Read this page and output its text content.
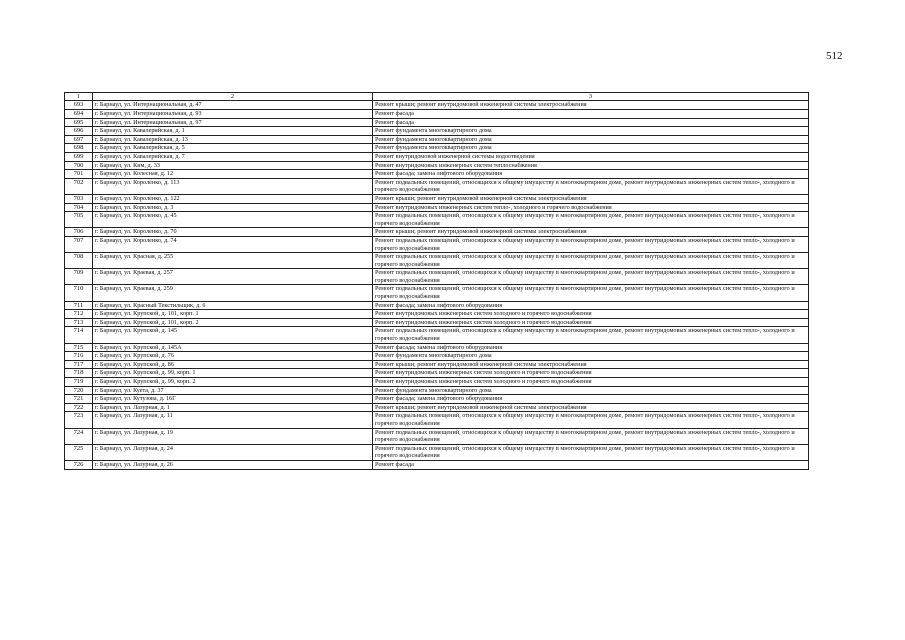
512
1	2	3
693	г. Барнаул, ул. Интернациональная, д. 47	Ремонт крыши; ремонт внутридомовой инженерной системы электроснабжения
694	г. Барнаул, ул. Интернациональная, д. 93	Ремонт фасада
695	г. Барнаул, ул. Интернациональная, д. 97	Ремонт фасада
696	г. Барнаул, ул. Кавалерийская, д. 1	Ремонт фундамента многоквартирного дома
697	г. Барнаул, ул. Кавалерийская, д. 13	Ремонт фундамента многоквартирного дома
698	г. Барнаул, ул. Кавалерийская, д. 5	Ремонт фундамента многоквартирного дома
699	г. Барнаул, ул. Кавалерийская, д. 7	Ремонт внутридомовой инженерной системы водоотведения
700	г. Барнаул, ул. Ким, д. 33	Ремонт внутридомовых инженерных систем теплоснабжения
701	г. Барнаул, ул. Колесная, д. 12	Ремонт фасада; замена лифтового оборудования
702	г. Барнаул, ул. Короленко, д. 113	Ремонт подвальных помещений, относящихся к общему имуществу в многоквартирном доме, ремонт внутридомовых инженерных систем тепло-, холодного и горячего водоснабжения
703	г. Барнаул, ул. Короленко, д. 122	Ремонт крыши; ремонт внутридомовой инженерной системы электроснабжения
704	г. Барнаул, ул. Короленко, д. 3	Ремонт внутридомовых инженерных систем тепло-, холодного и горячего водоснабжения
705	г. Барнаул, ул. Короленко, д. 45	Ремонт подвальных помещений, относящихся к общему имуществу в многоквартирном доме, ремонт внутридомовых инженерных систем тепло-, холодного и горячего водоснабжения
706	г. Барнаул, ул. Короленко, д. 70	Ремонт крыши; ремонт внутридомовой инженерной системы электроснабжения
707	г. Барнаул, ул. Короленко, д. 74	Ремонт подвальных помещений, относящихся к общему имуществу в многоквартирном доме, ремонт внутридомовых инженерных систем тепло-, холодного и горячего водоснабжения
708	г. Барнаул, ул. Красная, д. 255	Ремонт подвальных помещений, относящихся к общему имуществу в многоквартирном доме, ремонт внутридомовых инженерных систем тепло-, холодного и горячего водоснабжения
709	г. Барнаул, ул. Краевая, д. 257	Ремонт подвальных помещений, относящихся к общему имуществу в многоквартирном доме, ремонт внутридомовых инженерных систем тепло-, холодного и горячего водоснабжения
710	г. Барнаул, ул. Краевая, д. 259	Ремонт подвальных помещений, относящихся к общему имуществу в многоквартирном доме, ремонт внутридомовых инженерных систем тепло-, холодного и горячего водоснабжения
711	г. Барнаул, ул. Красный Текстильщик, д. 6	Ремонт фасада; замена лифтового оборудования
712	г. Барнаул, ул. Крупской, д. 101, корп. 1	Ремонт внутридомовых инженерных систем холодного и горячего водоснабжения
713	г. Барнаул, ул. Крупской, д. 101, корп. 2	Ремонт внутридомовых инженерных систем холодного и горячего водоснабжения
714	г. Барнаул, ул. Крупской, д. 145	Ремонт подвальных помещений, относящихся к общему имуществу в многоквартирном доме, ремонт внутридомовых инженерных систем тепло-, холодного и горячего водоснабжения
715	г. Барнаул, ул. Крупской, д. 145А	Ремонт фасада; замена лифтового оборудования
716	г. Барнаул, ул. Крупской, д. 76	Ремонт фундамента многоквартирного дома
717	г. Барнаул, ул. Крупской, д. 86	Ремонт крыши; ремонт внутридомовой инженерной системы электроснабжения
718	г. Барнаул, ул. Крупской, д. 99, корп. 1	Ремонт внутридомовых инженерных систем холодного и горячего водоснабжения
719	г. Барнаул, ул. Крупской, д. 99, корп. 2	Ремонт внутридомовых инженерных систем холодного и горячего водоснабжения
720	г. Барнаул, ул. Куета, д. 37	Ремонт фундамента многоквартирного дома
721	г. Барнаул, ул. Кутузова, д. 16Г	Ремонт фасада; замена лифтового оборудования
722	г. Барнаул, ул. Лазурная, д. 1	Ремонт крыши; ремонт внутридомовой инженерной системы электроснабжения
723	г. Барнаул, ул. Лазурная, д. 11	Ремонт подвальных помещений, относящихся к общему имуществу в многоквартирном доме, ремонт внутридомовых инженерных систем тепло-, холодного и горячего водоснабжения
724	г. Барнаул, ул. Лазурная, д. 19	Ремонт подвальных помещений, относящихся к общему имуществу в многоквартирном доме, ремонт внутридомовых инженерных систем тепло-, холодного и горячего водоснабжения
725	г. Барнаул, ул. Лазурная, д. 24	Ремонт подвальных помещений, относящихся к общему имуществу в многоквартирном доме, ремонт внутридомовых инженерных систем тепло-, холодного и горячего водоснабжения
726	г. Барнаул, ул. Лазурная, д. 26	Ремонт фасада
